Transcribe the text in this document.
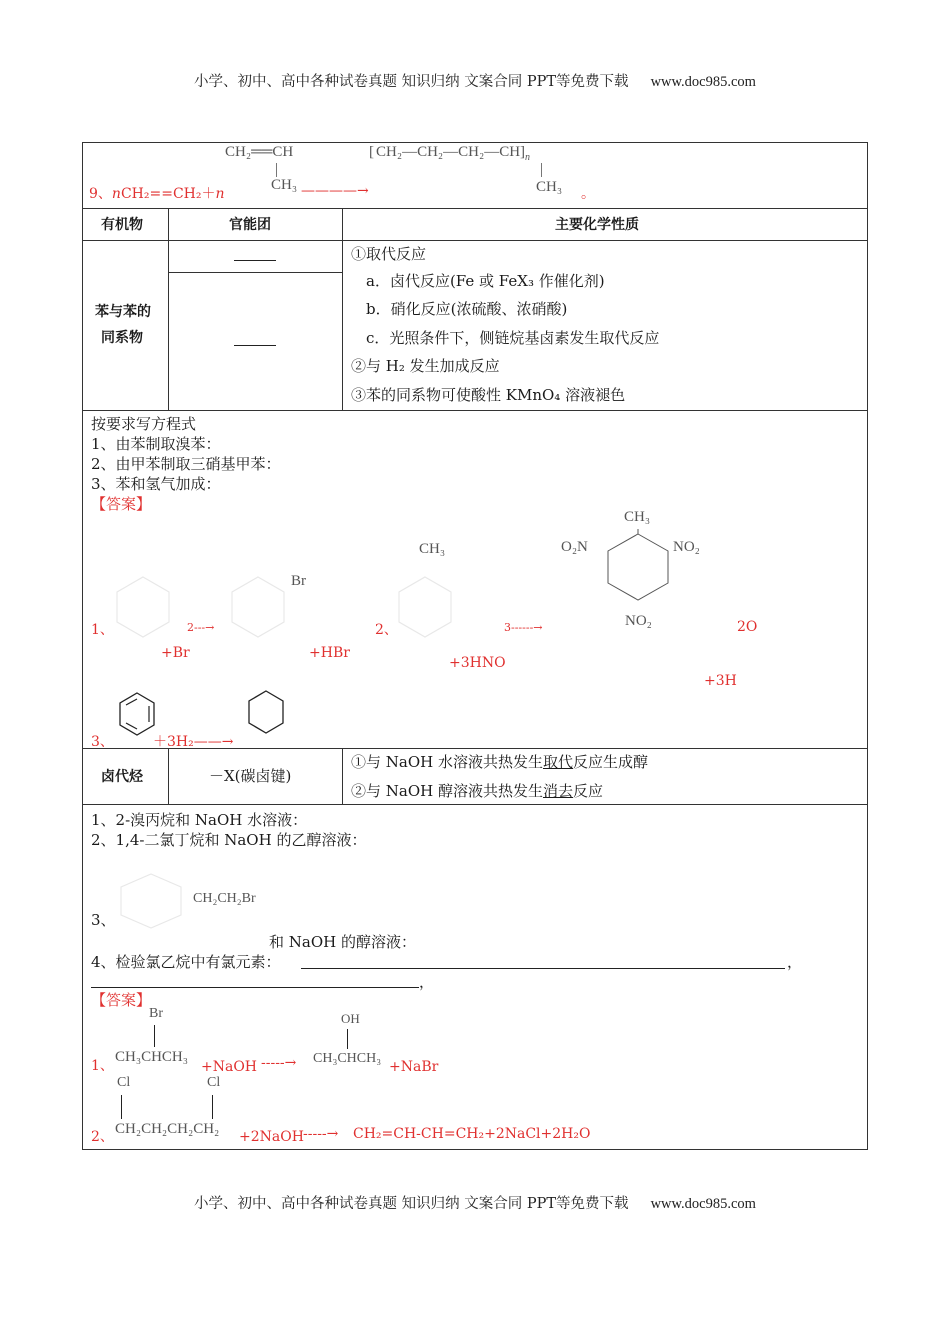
小学、初中、高中各种试卷真题 知识归纳 文案合同 PPT等免费下载 www.doc985.com
CH₂══CH
CH₃
9、nCH₂==CH₂＋n	————→
[ $CH_2—CH_2—CH_2—CH]_n$
CH₃ 。
有机物	官能团	主要化学性质
苯与苯的
同系物
①取代反应
a．卤代反应(Fe 或 FeX₃ 作催化剂)
b．硝化反应(浓硫酸、浓硝酸)
c．光照条件下，侧链烷基卤素发生取代反应
②与 H₂ 发生加成反应
③苯的同系物可使酸性 KMnO₄ 溶液褪色
按要求写方程式
1、由苯制取溴苯：
2、由甲苯制取三硝基甲苯：
3、苯和氢气加成：
【答案】
Br
1、	2---→
+Br	+HBr
CH₃
2、	3------→
+3HNO
CH₃
O₂N	NO₂
NO₂	2O
+3H
3、	＋3H₂——→
卤代烃	－X(碳卤键)
①与 NaOH 水溶液共热发生取代反应生成醇
②与 NaOH 醇溶液共热发生消去反应
1、2-溴丙烷和 NaOH 水溶液：
2、1,4-二氯丁烷和 NaOH 的乙醇溶液：
CH₂CH₂Br
3、
和 NaOH 的醇溶液：
4、检验氯乙烷中有氯元素：	，
，
【答案】
Br
1、
CH₃CHCH₃
+NaOH -----→
OH
CH₃CHCH₃
+NaBr
Cl	Cl
2、 CH₂CH₂CH₂CH₂ +2NaOH -----→ CH₂=CH-CH=CH₂+2NaCl+2H₂O
小学、初中、高中各种试卷真题 知识归纳 文案合同 PPT等免费下载 www.doc985.com
